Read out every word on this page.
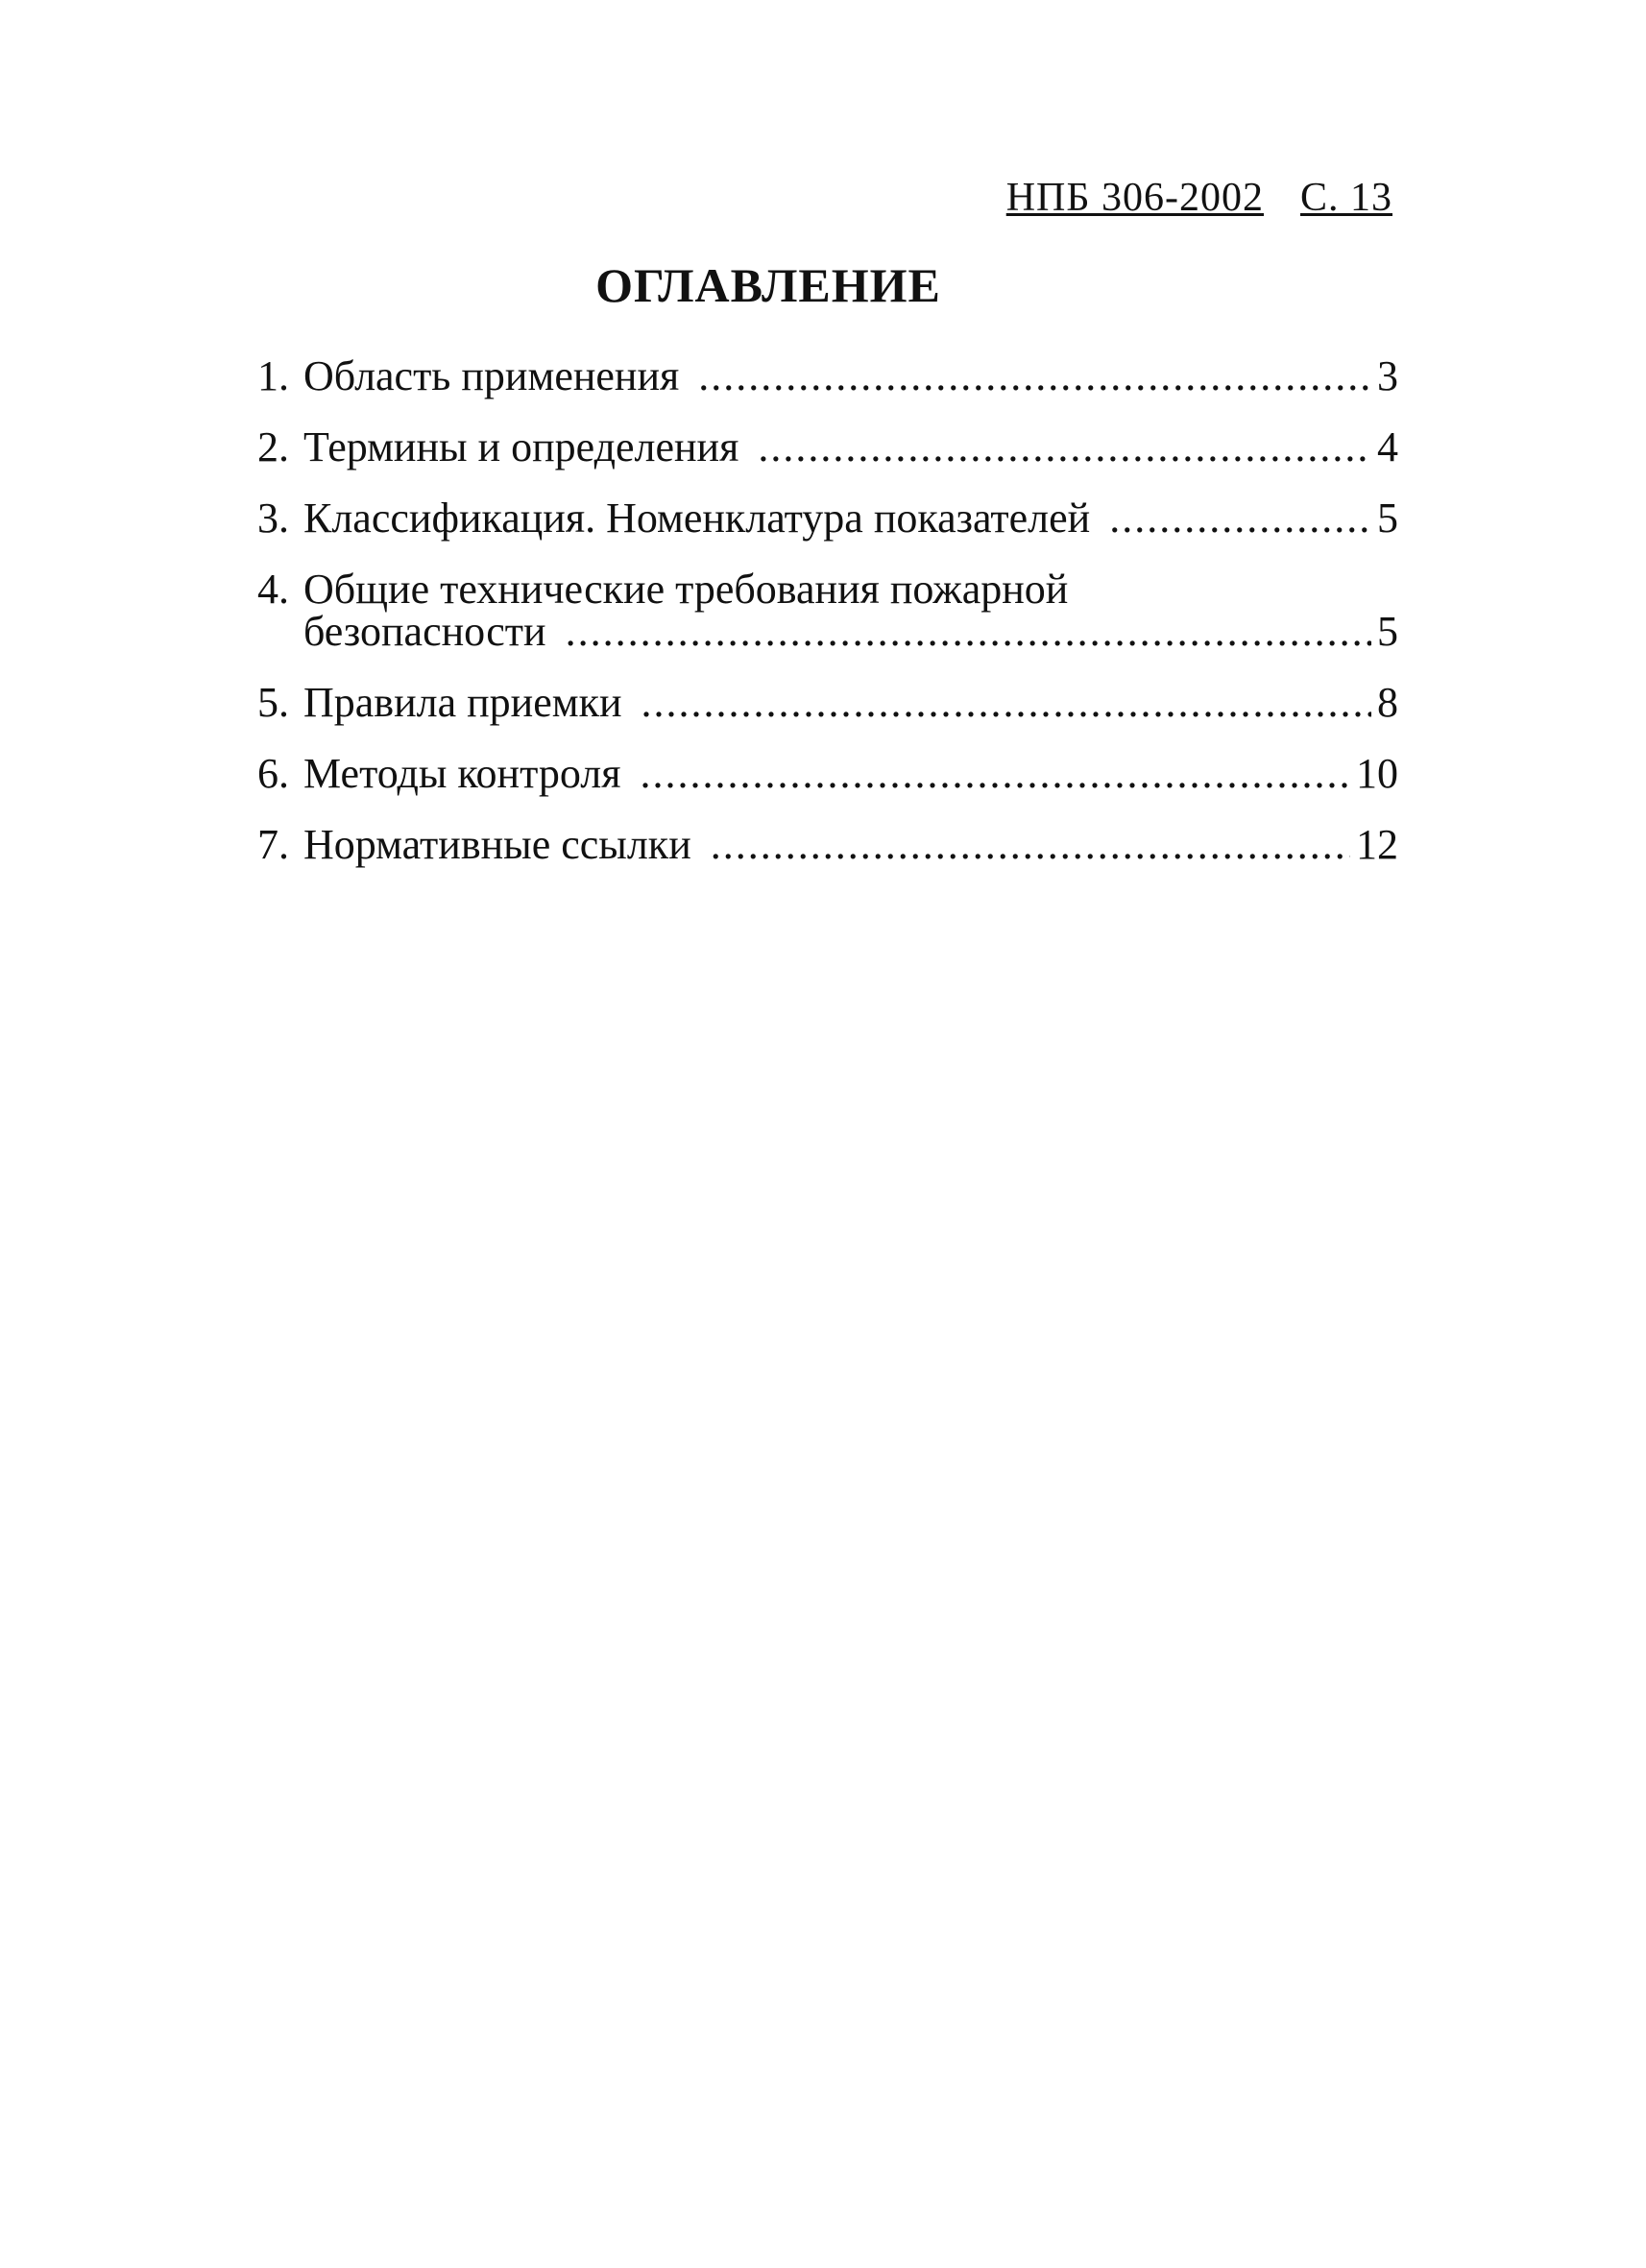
НПБ 306-2002 С. 13
ОГЛАВЛЕНИЕ
1. Область применения .....	3
2. Термины и определения .....	4
3. Классификация. Номенклатура показателей .....	5
4. Общие технические требования пожарной
безопасности .....	5
5. Правила приемки .....	8
6. Методы контроля .....	10
7. Нормативные ссылки .....	12
